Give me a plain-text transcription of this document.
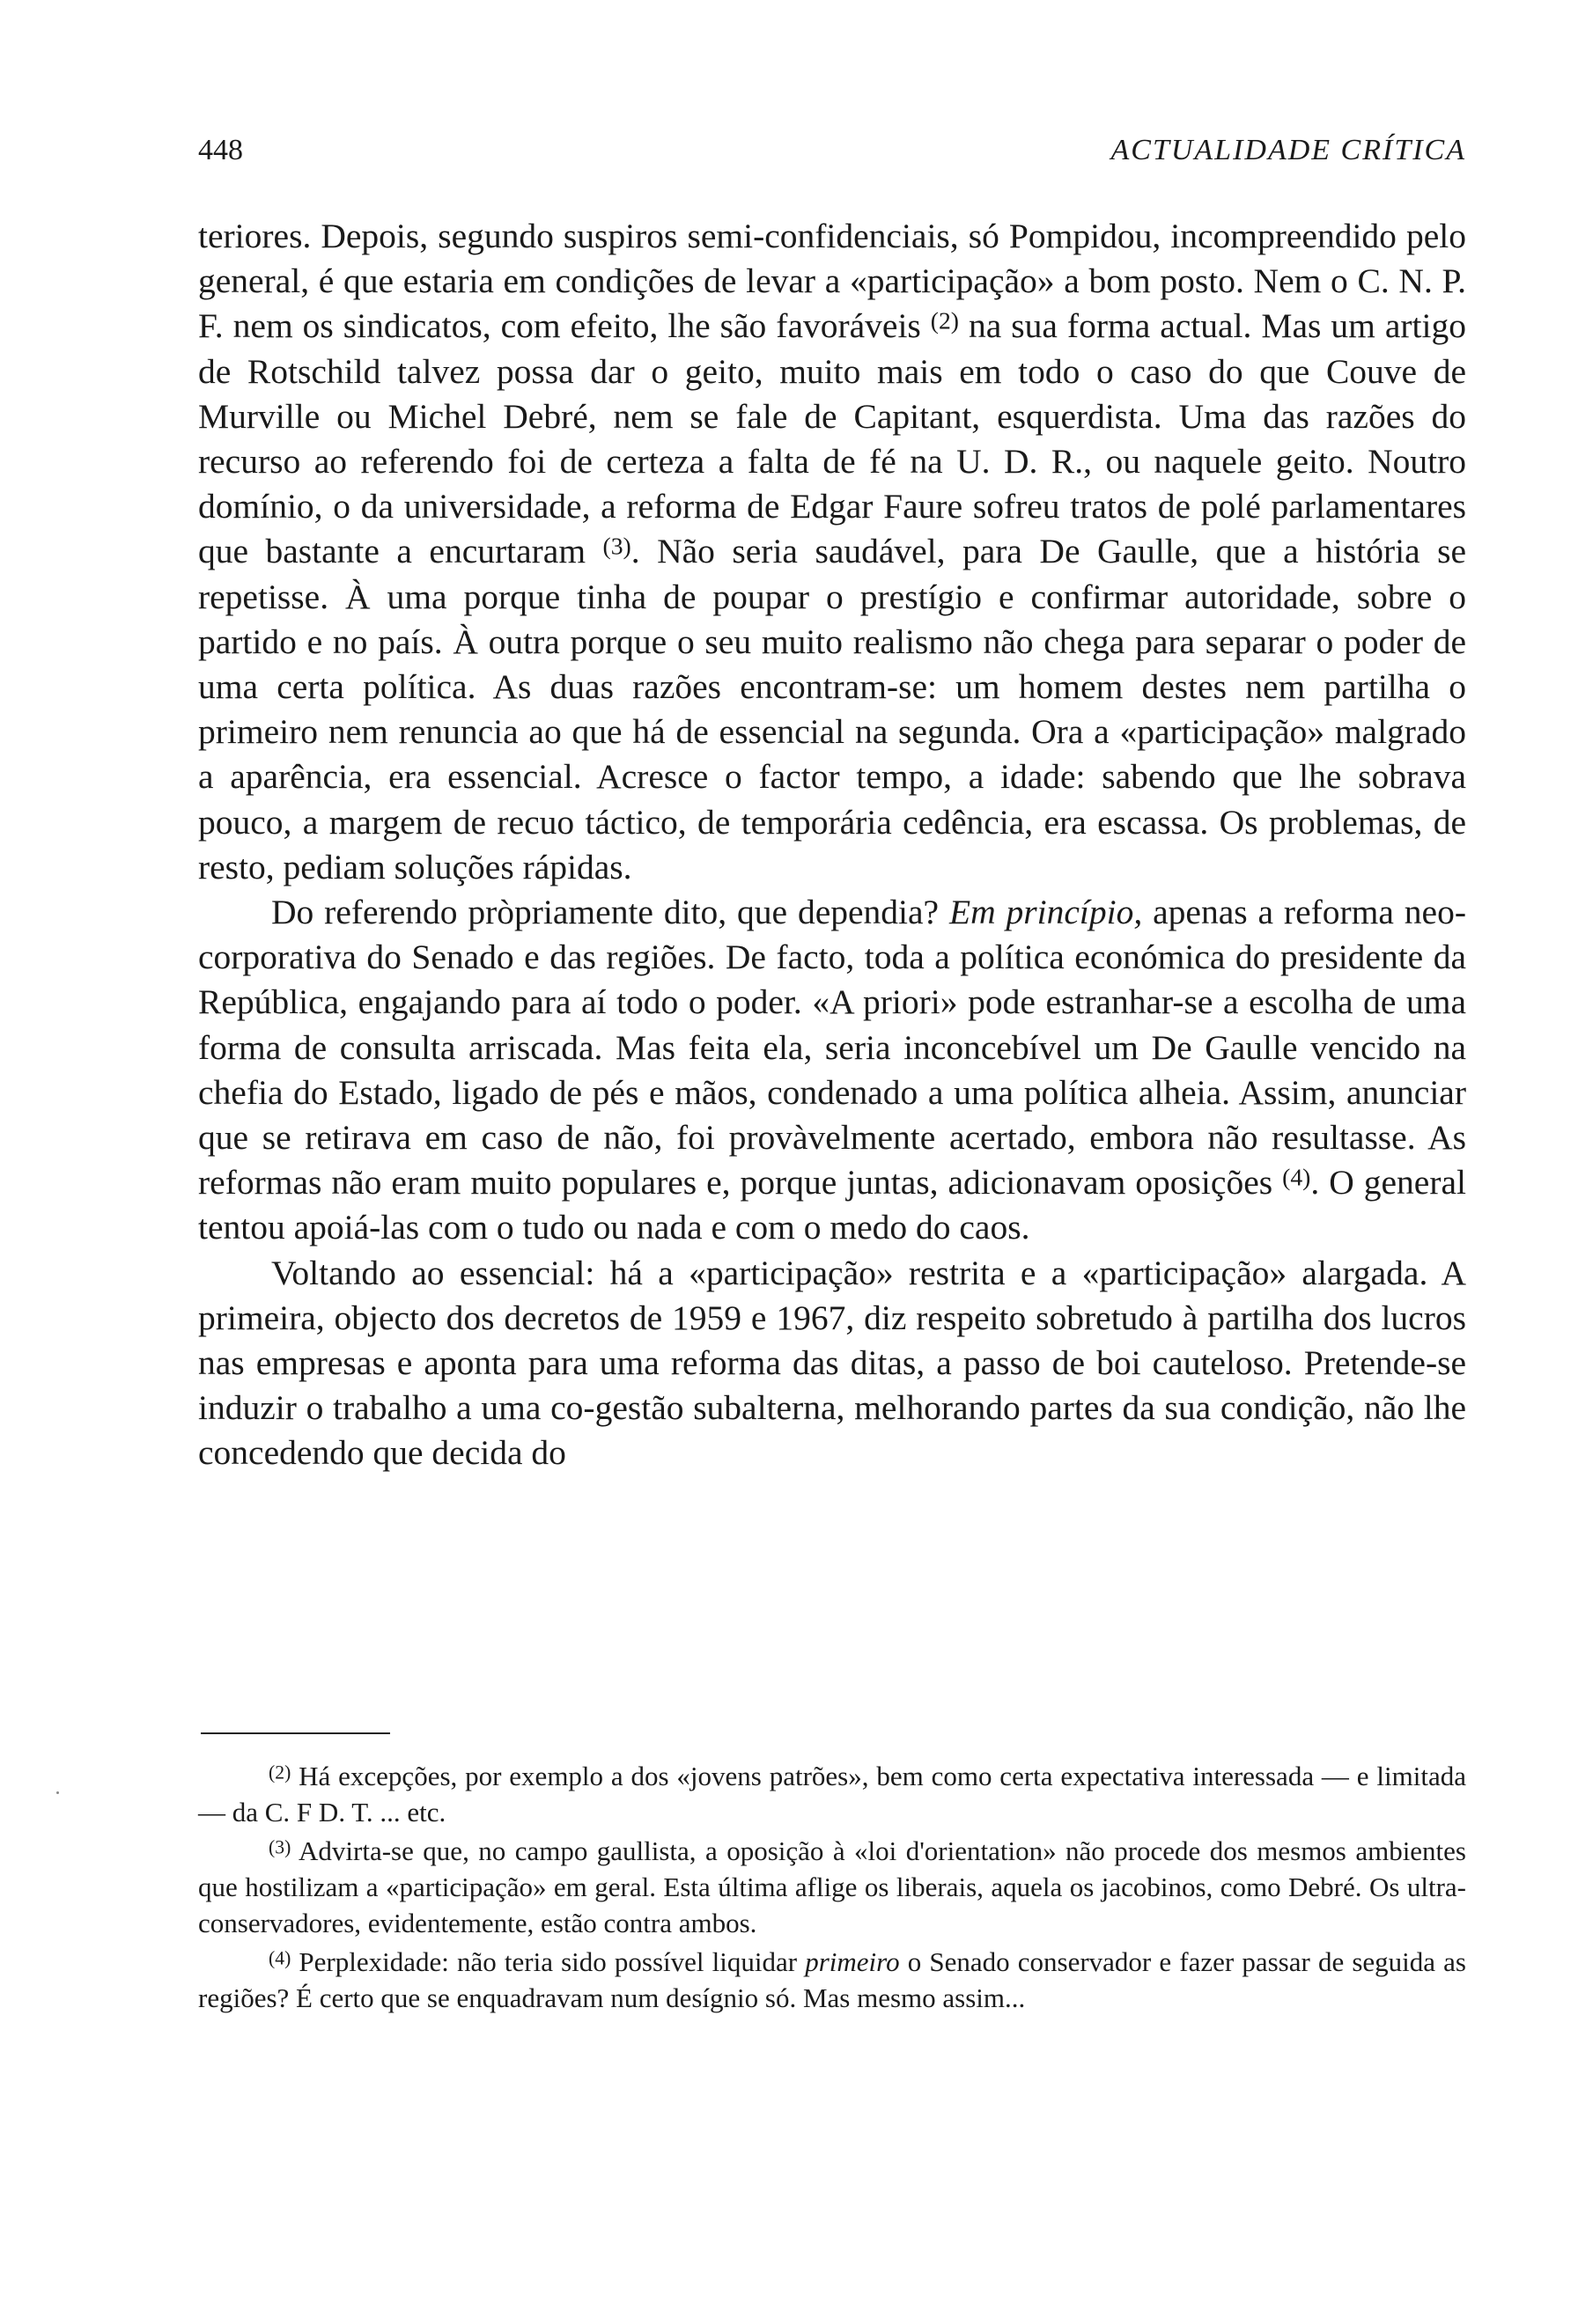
448	ACTUALIDADE CRÍTICA

teriores. Depois, segundo suspiros semi-confidenciais, só Pompidou, incompreendido pelo general, é que estaria em condições de levar a «participação» a bom posto. Nem o C. N. P. F. nem os sindicatos, com efeito, lhe são favoráveis $^{(2)}$ na sua forma actual. Mas um artigo de Rotschild talvez possa dar o geito, muito mais em todo o caso do que Couve de Murville ou Michel Debré, nem se fale de Capitant, esquerdista. Uma das razões do recurso ao referendo foi de certeza a falta de fé na U. D. R., ou naquele geito. Noutro domínio, o da universidade, a reforma de Edgar Faure sofreu tratos de polé parlamentares que bastante a encurtaram $^{(3)}$. Não seria saudável, para De Gaulle, que a história se repetisse. À uma porque tinha de poupar o prestígio e confirmar autoridade, sobre o partido e no país. À outra porque o seu muito realismo não chega para separar o poder de uma certa política. As duas razões encontram-se: um homem destes nem partilha o primeiro nem renuncia ao que há de essencial na segunda. Ora a «participação» malgrado a aparência, era essencial. Acresce o factor tempo, a idade: sabendo que lhe sobrava pouco, a margem de recuo táctico, de temporária cedência, era escassa. Os problemas, de resto, pediam soluções rápidas.

Do referendo pròpriamente dito, que dependia? Em princípio, apenas a reforma neo-corporativa do Senado e das regiões. De facto, toda a política económica do presidente da República, engajando para aí todo o poder. «A priori» pode estranhar-se a escolha de uma forma de consulta arriscada. Mas feita ela, seria inconcebível um De Gaulle vencido na chefia do Estado, ligado de pés e mãos, condenado a uma política alheia. Assim, anunciar que se retirava em caso de não, foi provàvelmente acertado, embora não resultasse. As reformas não eram muito populares e, porque juntas, adicionavam oposições $^{(4)}$. O general tentou apoiá-las com o tudo ou nada e com o medo do caos.

Voltando ao essencial: há a «participação» restrita e a «participação» alargada. A primeira, objecto dos decretos de 1959 e 1967, diz respeito sobretudo à partilha dos lucros nas empresas e aponta para uma reforma das ditas, a passo de boi cauteloso. Pretende-se induzir o trabalho a uma co-gestão subalterna, melhorando partes da sua condição, não lhe concedendo que decida do

$^{(2)}$ Há excepções, por exemplo a dos «jovens patrões», bem como certa expectativa interessada — e limitada — da C. F D. T. ... etc.

$^{(3)}$ Advirta-se que, no campo gaullista, a oposição à «loi d'orientation» não procede dos mesmos ambientes que hostilizam a «participação» em geral. Esta última aflige os liberais, aquela os jacobinos, como Debré. Os ultra-conservadores, evidentemente, estão contra ambos.

$^{(4)}$ Perplexidade: não teria sido possível liquidar primeiro o Senado conservador e fazer passar de seguida as regiões? É certo que se enquadravam num desígnio só. Mas mesmo assim...
